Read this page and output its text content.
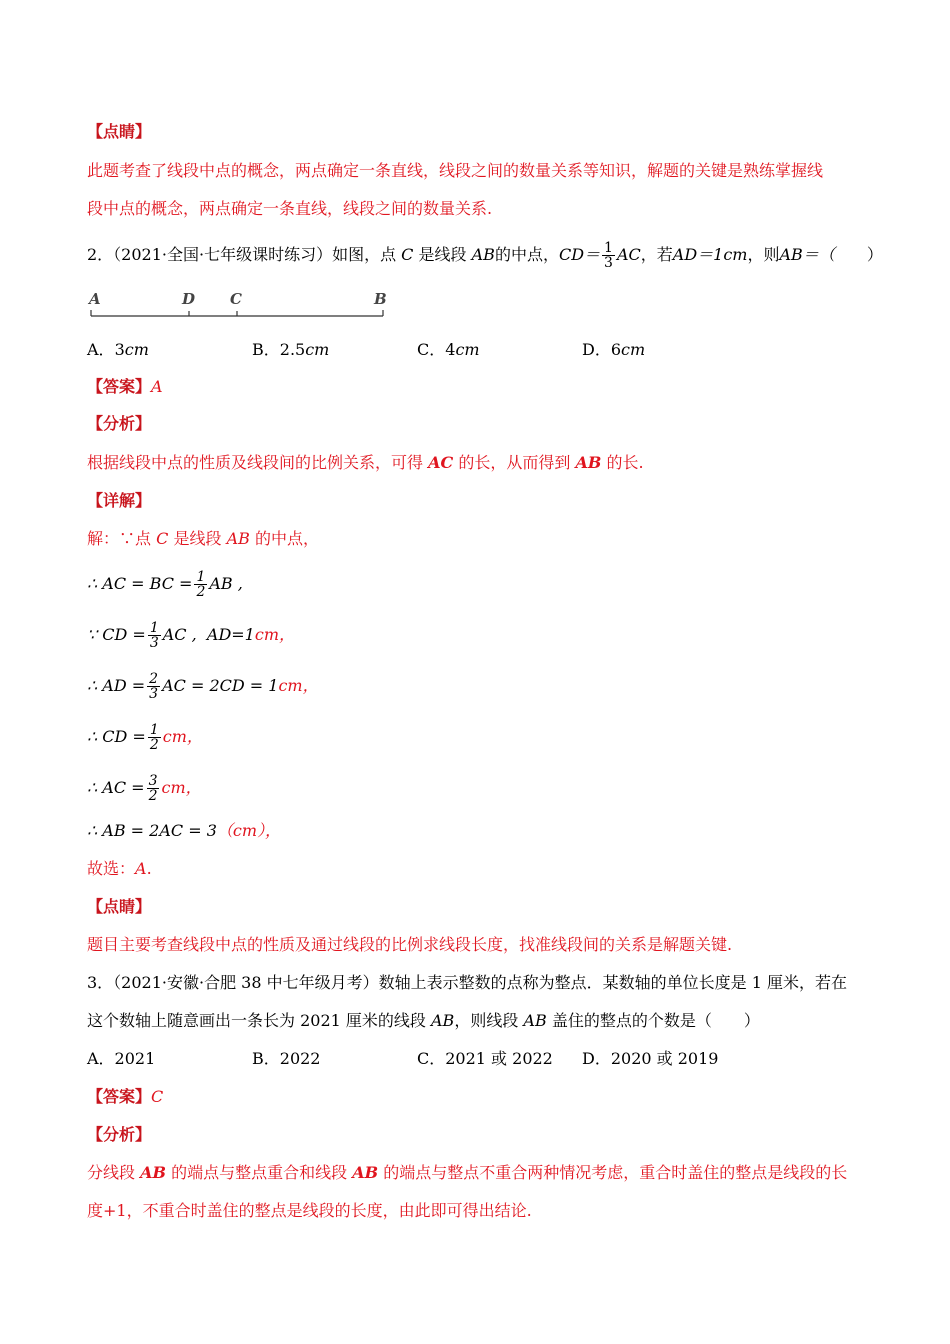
【点睛】
此题考查了线段中点的概念，两点确定一条直线，线段之间的数量关系等知识，解题的关键是熟练掌握线
段中点的概念，两点确定一条直线，线段之间的数量关系.
2．（2021·全国·七年级课时练习）如图，点 C 是线段 AB的中点，$CD= \frac{1}{3}$ AC，若AD＝1cm，则AB＝（ ）
A	D C	B
A．3cm	B．2.5cm	C．4cm	D．6cm
【答案】A
【分析】
根据线段中点的性质及线段间的比例关系，可得 AC 的长，从而得到 AB 的长.
【详解】
解：∵点 C 是线段 AB 的中点，
∴ AC = BC = $\frac{1}{2}$ AB ,
∵ CD = $\frac{1}{3}$ AC , AD=1cm，
∴ AD = $\frac{2}{3}$ AC = 2CD = 1cm，
∴ CD = $\frac{1}{2}$ cm，
∴ AC = $\frac{3}{2}$ cm，
∴ AB = 2AC = 3（cm），
故选：A.
【点睛】
题目主要考查线段中点的性质及通过线段的比例求线段长度，找准线段间的关系是解题关键.
3．（2021·安徽·合肥 38 中七年级月考）数轴上表示整数的点称为整点．某数轴的单位长度是 1 厘米，若在
这个数轴上随意画出一条长为 2021 厘米的线段 AB，则线段 AB 盖住的整点的个数是（　　）
A．2021	B．2022	C．2021 或 2022 D．2020 或 2019
【答案】C
【分析】
分线段 AB 的端点与整点重合和线段 AB 的端点与整点不重合两种情况考虑，重合时盖住的整点是线段的长
度+1，不重合时盖住的整点是线段的长度，由此即可得出结论.
